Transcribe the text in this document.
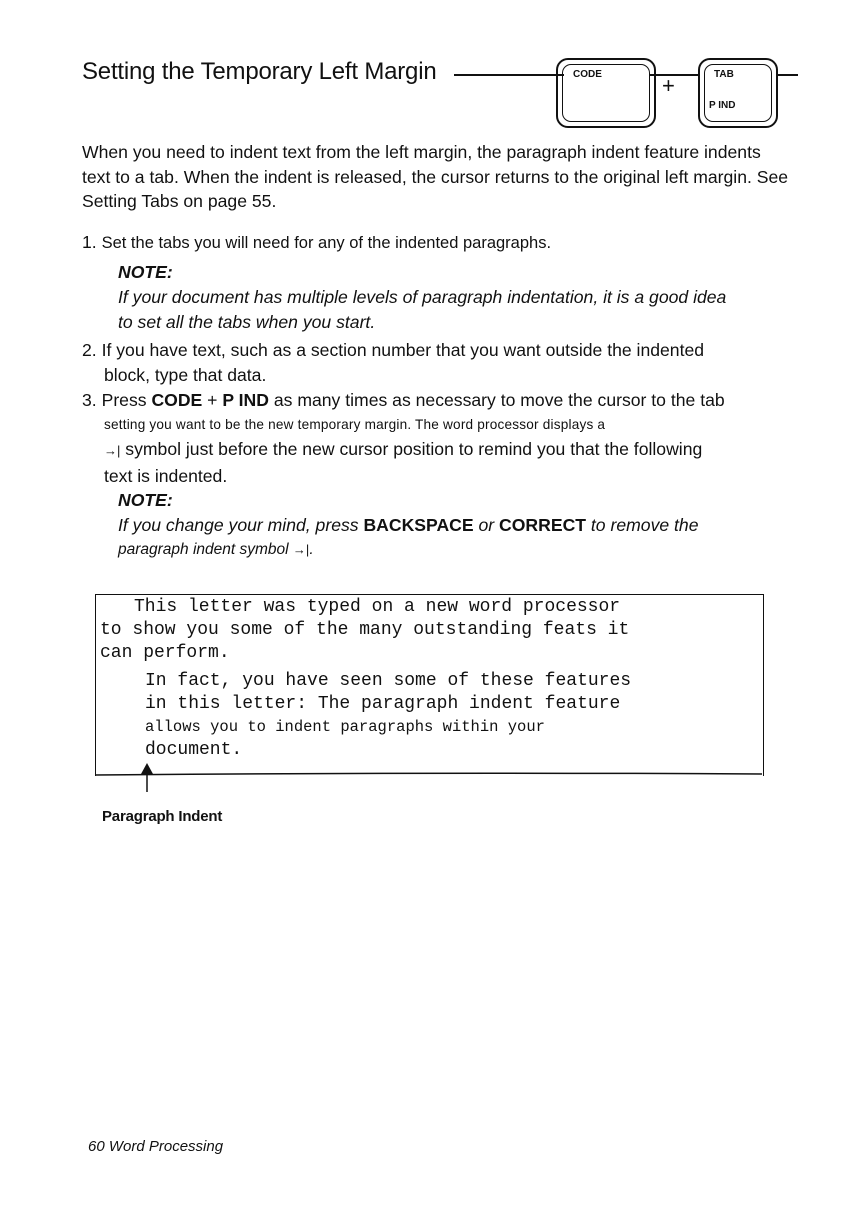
Setting the Temporary Left Margin	CODE	+	TAB
P IND
When you need to indent text from the left margin, the paragraph indent feature indents text to a tab. When the indent is released, the cursor returns to the original left margin. See Setting Tabs on page 55.
1. Set the tabs you will need for any of the indented paragraphs.
NOTE:
If your document has multiple levels of paragraph indentation, it is a good idea
to set all the tabs when you start.
2. If you have text, such as a section number that you want outside the indented
block, type that data.
3. Press CODE + P IND as many times as necessary to move the cursor to the tab
setting you want to be the new temporary margin. The word processor displays a
→| symbol just before the new cursor position to remind you that the following
text is indented.
NOTE:
If you change your mind, press BACKSPACE or CORRECT to remove the
paragraph indent symbol →|.
This letter was typed on a new word processor
to show you some of the many outstanding feats it
can perform.
In fact, you have seen some of these features
in this letter: The paragraph indent feature
allows you to indent paragraphs within your
document.
Paragraph Indent
60 Word Processing
